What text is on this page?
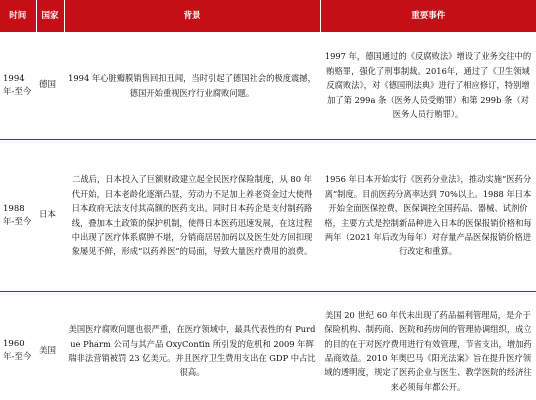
时间	国家	背景	重要事件
1994年-至今	德国	1994 年心脏瓣膜销售回扣丑闻，当时引起了德国社会的极度震撼，德国开始重视医疗行业腐败问题。	1997 年，德国通过的《反腐败法》增设了业务交往中的贿赂罪，强化了刑事制裁。2016年，通过了《卫生领域反腐败法》，对《德国刑法典》进行了相应修订，特别增加了第 299a 条（医务人员受贿罪）和第 299b 条（对医务人员行贿罪）。
1988年-至今	日本	二战后，日本投入了巨额财政建立起全民医疗保险制度，从 80 年代开始，日本老龄化逐渐凸显，劳动力不足加上养老资金过大使得日本政府无法支付其高额的医药支出。同时日本药企是支付制药路线，叠加本土政策的保护机制，使得日本医药迅速发展，在这过程中出现了医疗体系腐肿不堪，分销商居居加码以及医生处方回扣现象屡见不鲜，形成“以药养医”的局面，导致大量医疗费用的浪费。	1956 年日本开始实行《医药分业法》，推动实施“医药分离”制度。目前医药分离率达到 70%以上。1988 年日本开始全面医保控费，医保调控全国药品、器械、试剂价格，主要方式是控制新品种进入日本的医保报销价格和每两年（2021 年后改为每年）对存量产品医保报销价格进行改定和重算。
1960年-至今	美国	美国医疗腐败问题也很严重，在医疗领域中，最具代表性的有 Purdue Pharm 公司与其产品 OxyContin 所引发的危机和 2009 年辉瑞非法营销被罚 23 亿美元。并且医疗卫生费用支出在 GDP 中占比很高。	美国 20 世纪 60 年代末出现了药品福利管理局，是介于保险机构、制药商、医院和药房间的管理协调组织，成立的目的在于对医疗费用进行有效管理，节省支出，增加药品商效益。2010 年奥巴马《阳光法案》旨在提升医疗领域的透明度，规定了医药企业与医生、教学医院的经济往来必须每年都公开。
